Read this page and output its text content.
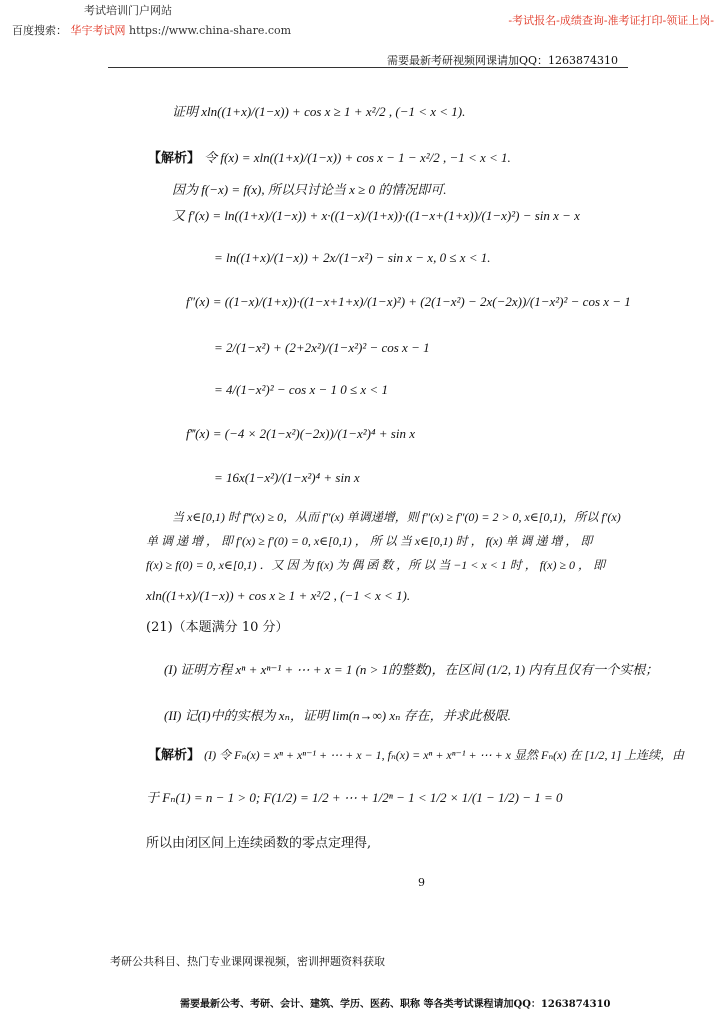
考试培训门户网站
百度搜索： 华宇考试网 https://www.china-share.com
-考试报名-成绩查询-准考证打印-领证上岗-
需要最新考研视频网课请加QQ：1263874310
证明 xln((1+x)/(1−x)) + cos x ≥ 1 + x²/2 , (−1 < x < 1).
【解析】 令 f(x) = xln((1+x)/(1−x)) + cos x − 1 − x²/2 , −1 < x < 1.
因为 f(−x) = f(x), 所以只讨论当 x ≥ 0 的情况即可.
又 f′(x) = ln((1+x)/(1−x)) + x·((1−x)/(1+x))·((1−x+(1+x))/(1−x)²) − sin x − x
= ln((1+x)/(1−x)) + 2x/(1−x²) − sin x − x, 0 ≤ x < 1.
f″(x) = ((1−x)/(1+x))·((1−x+1+x)/(1−x)²) + (2(1−x²) − 2x(−2x))/(1−x²)² − cos x − 1
= 2/(1−x²) + (2+2x²)/(1−x²)² − cos x − 1
= 4/(1−x²)² − cos x − 1 0 ≤ x < 1
f‴(x) = (−4 × 2(1−x²)(−2x))/(1−x²)⁴ + sin x
= 16x(1−x²)/(1−x²)⁴ + sin x
当 x∈[0,1) 时 f‴(x) ≥ 0，从而 f″(x) 单调递增，则 f″(x) ≥ f″(0) = 2 > 0, x∈[0,1)，所以 f′(x)
单 调 递 增 ， 即 f′(x) ≥ f′(0) = 0, x∈[0,1) ， 所 以 当 x∈[0,1) 时 ， f(x) 单 调 递 增 ， 即
f(x) ≥ f(0) = 0, x∈[0,1) ．又 因 为 f(x) 为 偶 函 数 ，所 以 当 −1 < x < 1 时 ， f(x) ≥ 0 ， 即
xln((1+x)/(1−x)) + cos x ≥ 1 + x²/2 , (−1 < x < 1).
(21)（本题满分 10 分）
(I) 证明方程 xⁿ + xⁿ⁻¹ + ⋯ + x = 1 (n > 1的整数)，在区间 (1/2, 1) 内有且仅有一个实根；
(II) 记(I)中的实根为 xₙ，证明 lim(n→∞) xₙ 存在，并求此极限.
【解析】 (I) 令 Fₙ(x) = xⁿ + xⁿ⁻¹ + ⋯ + x − 1, fₙ(x) = xⁿ + xⁿ⁻¹ + ⋯ + x 显然 Fₙ(x) 在 [1/2, 1] 上连续，由
于 Fₙ(1) = n − 1 > 0; F(1/2) = 1/2 + ⋯ + 1/2ⁿ − 1 < 1/2 × 1/(1 − 1/2) − 1 = 0
所以由闭区间上连续函数的零点定理得,
9
考研公共科目、热门专业课网课视频，密训押题资料获取
需要最新公考、考研、会计、建筑、学历、医药、职称 等各类考试课程请加QQ：1263874310
